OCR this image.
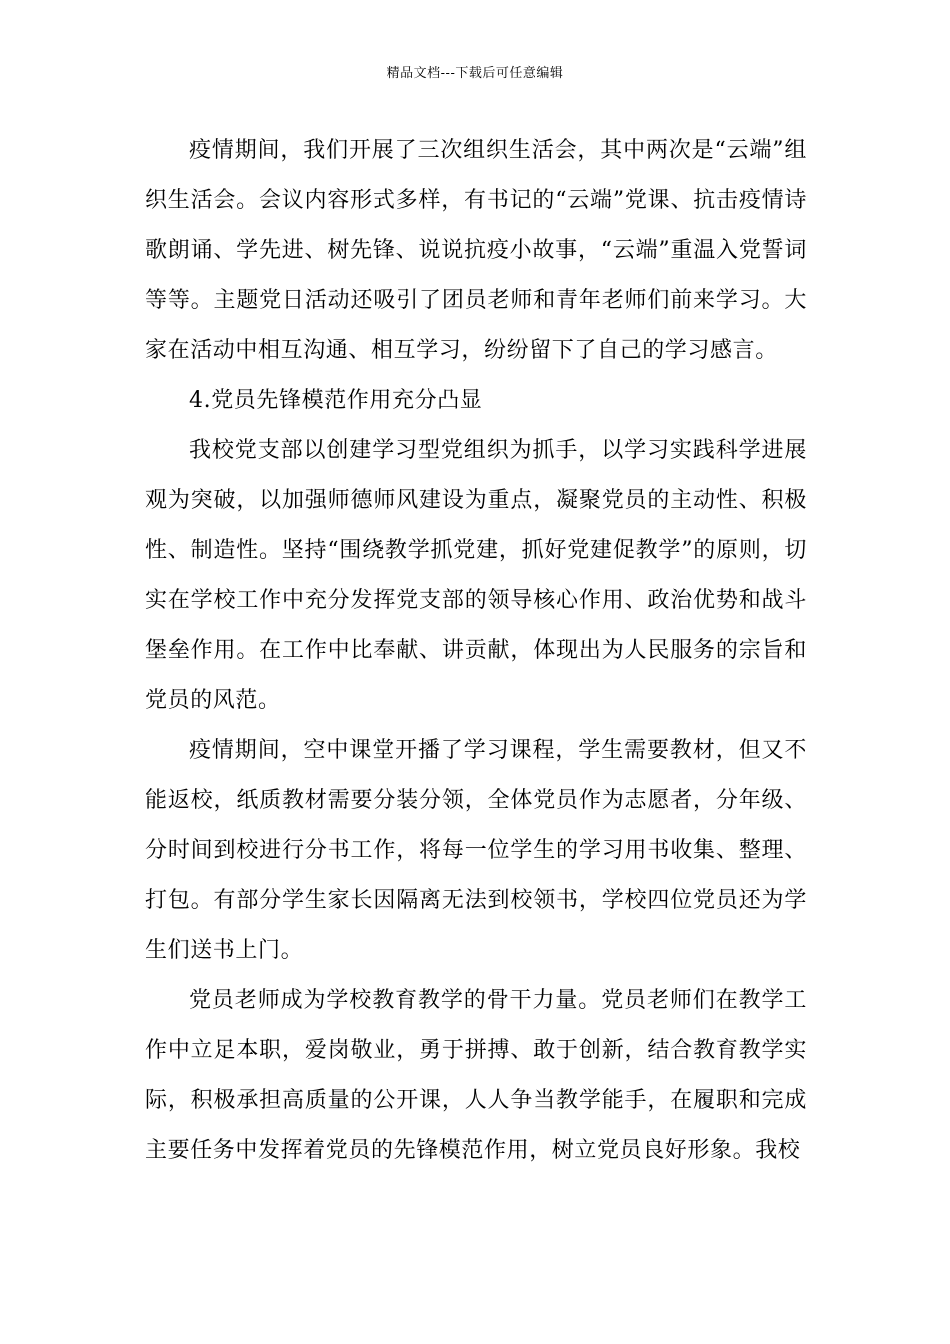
精品文档---下载后可任意编辑

疫情期间，我们开展了三次组织生活会，其中两次是“云端”组织生活会。会议内容形式多样，有书记的“云端”党课、抗击疫情诗歌朗诵、学先进、树先锋、说说抗疫小故事，“云端”重温入党誓词等等。主题党日活动还吸引了团员老师和青年老师们前来学习。大家在活动中相互沟通、相互学习，纷纷留下了自己的学习感言。

4.党员先锋模范作用充分凸显

我校党支部以创建学习型党组织为抓手，以学习实践科学进展观为突破，以加强师德师风建设为重点，凝聚党员的主动性、积极性、制造性。坚持“围绕教学抓党建，抓好党建促教学”的原则，切实在学校工作中充分发挥党支部的领导核心作用、政治优势和战斗堡垒作用。在工作中比奉献、讲贡献，体现出为人民服务的宗旨和党员的风范。

疫情期间，空中课堂开播了学习课程，学生需要教材，但又不能返校，纸质教材需要分装分领，全体党员作为志愿者，分年级、分时间到校进行分书工作，将每一位学生的学习用书收集、整理、打包。有部分学生家长因隔离无法到校领书，学校四位党员还为学生们送书上门。

党员老师成为学校教育教学的骨干力量。党员老师们在教学工作中立足本职，爱岗敬业，勇于拼搏、敢于创新，结合教育教学实际，积极承担高质量的公开课，人人争当教学能手，在履职和完成主要任务中发挥着党员的先锋模范作用，树立党员良好形象。我校
